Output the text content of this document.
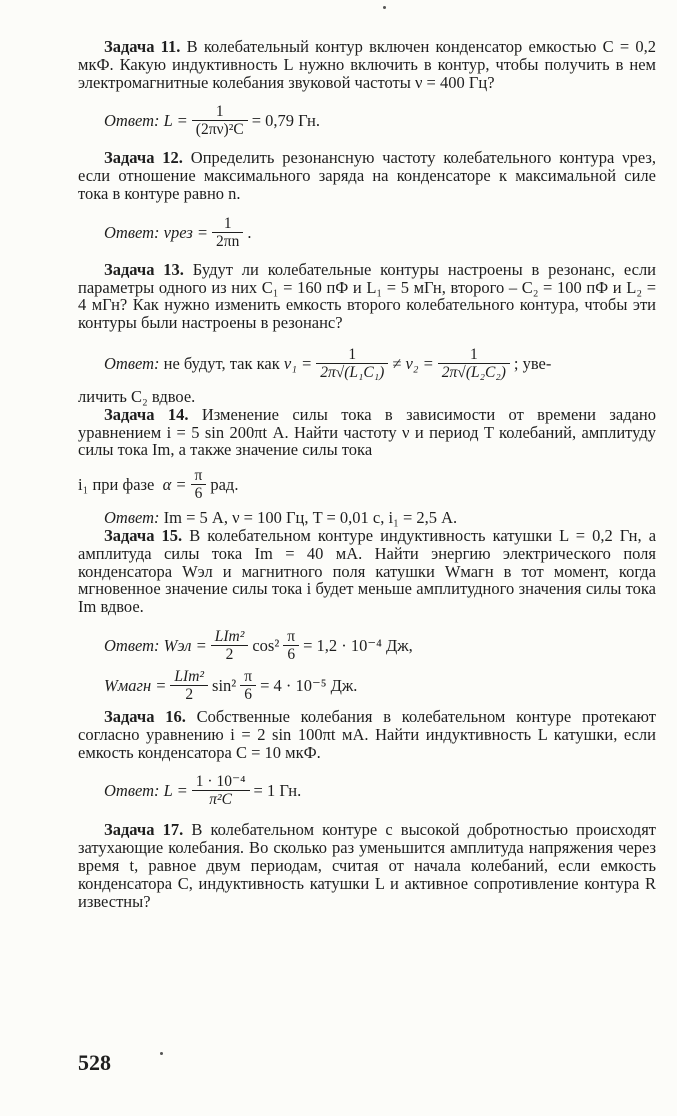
Задача 11. В колебательный контур включен конденсатор емкостью C = 0,2 мкФ. Какую индуктивность L нужно включить в контур, чтобы получить в нем электромагнитные колебания звуковой частоты ν = 400 Гц?

Ответ:
$L = \frac{1}{\text{(2πν)²C}} = 0,79$ Гн.

Задача 12. Определить резонансную частоту колебательного контура νрез, если отношение максимального заряда на конденсаторе к максимальной силе тока в контуре равно n.

Ответ:
$\nu рез = \frac{1}{2\pi n}$ .

Задача 13. Будут ли колебательные контуры настроены в резонанс, если параметры одного из них C₁ = 160 пФ и L₁ = 5 мГн, второго – C₂ = 100 пФ и L₂ = 4 мГн? Как нужно изменить емкость второго колебательного контура, чтобы эти контуры были настроены в резонанс?

Ответ:
не будут, так как
$\nu_1 = \frac{1}{\text{2π√(L₁C₁)}} \ne \nu_2 = \frac{1}{\text{2π√(L₂C₂)}}$ ; уве-

личить C₂ вдвое.

Задача 14. Изменение силы тока в зависимости от времени задано уравнением i = 5 sin 200πt А. Найти частоту ν и период T колебаний, амплитуду силы тока Im, а также значение силы тока

i₁ при фазе
$\alpha = \frac{\pi}{6}$ рад.

Ответ: Im = 5 А, ν = 100 Гц, T = 0,01 с, i₁ = 2,5 А.

Задача 15. В колебательном контуре индуктивность катушки L = 0,2 Гн, а амплитуда силы тока Im = 40 мА. Найти энергию электрического поля конденсатора Wэл и магнитного поля катушки Wмагн в тот момент, когда мгновенное значение силы тока i будет меньше амплитудного значения силы тока Im вдвое.

Ответ:
Wэл = $\frac{\text{LIm²}}{2} \cos^2 \frac{\pi}{6} = 1,2 \cdot 10^{-4}$ Дж,
Wмагн = $\frac{\text{LIm²}}{2} \sin^2 \frac{\pi}{6} = 4 \cdot 10^{-5}$ Дж.

Задача 16. Собственные колебания в колебательном контуре протекают согласно уравнению i = 2 sin 100πt мА. Найти индуктивность L катушки, если емкость конденсатора C = 10 мкФ.

Ответ:
$L = \frac{\text{1 · 10⁻⁴}}{\text{π²C}} = 1$ Гн.

Задача 17. В колебательном контуре с высокой добротностью происходят затухающие колебания. Во сколько раз уменьшится амплитуда напряжения через время t, равное двум периодам, считая от начала колебаний, если емкость конденсатора C, индуктивность катушки L и активное сопротивление контура R известны?

528
